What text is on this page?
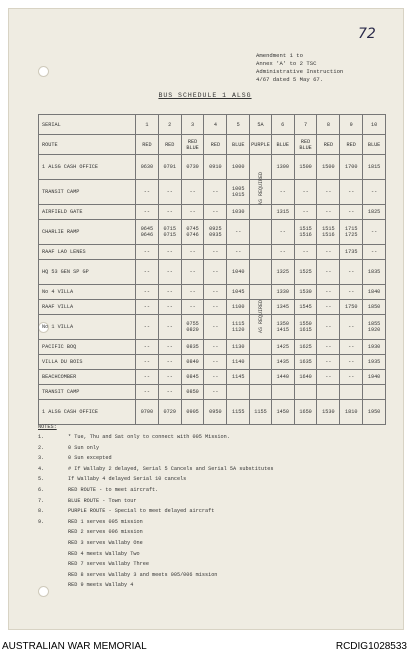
72
Amendment 1 to
Annex 'A' to 2 TSC
Administrative Instruction
4/67 dated 5 May 67.
BUS SCHEDULE 1 ALSG
SERIAL	1	2	3	4	5	5A	6	7	8	9	10
ROUTE	RED	RED	RED BLUE	RED	BLUE	PURPLE	BLUE	RED BLUE	RED	RED	BLUE
1 ALSG CASH OFFICE	0630	0701	0730	0910	1000		1300	1500	1500	1700	1815
TRANSIT CAMP	--	--	--	--	1005 1015		--	--	--	--	--
AIRFIELD GATE	--	--	--	--	1030		1315	--	--	--	1825
CHARLIE RAMP	0645 0646	0715 0715	0745 0746	0925 0935	--		--	1515 1516	1515 1516	1715 1725	--
RAAF LAO LENES	--	--	--	--	--		--	--	--	1735	--
HQ 53 GEN SP GP	--	--	--	--	1040		1325	1525	--	--	1835
No 4 VILLA	--	--	--	--	1045		1330	1530	--	--	1840
RAAF VILLA	--	--	--	--	1100		1345	1545	--	1750	1850
No 1 VILLA	--	--	0755 0820	--	1115 1120		1350 1415	1550 1615	--	--	1855 1920
PACIFIC BOQ	--	--	0835	--	1130		1425	1625	--	--	1930
VILLA DU BOIS	--	--	0840	--	1140		1435	1635	--	--	1935
BEACHCOMBER	--	--	0845	--	1145		1440	1640	--	--	1940
TRANSIT CAMP	--	--	0850	--							
1 ALSG CASH OFFICE	0700	0729	0905	0950	1155	1155	1450	1650	1530	1810	1950
AS REQUIRED
AS REQUIRED
NOTES:
1.	* Tue, Thu and Sat only to connect with 005 Mission.
2.	0 Sun only
3.	0 Sun excepted
4.	# If Wallaby 2 delayed, Serial 5 Cancels and Serial 5A substitutes
5.	If Wallaby 4 delayed Serial 10 cancels
6.	RED ROUTE - to meet aircraft.
7.	BLUE ROUTE - Town tour
8.	PURPLE ROUTE - Special to meet delayed aircraft
9.	RED 1 serves 005 mission
RED 2 serves 006 mission
RED 3 serves Wallaby One
RED 4 meets Wallaby Two
RED 7 serves Wallaby Three
RED 8 serves Wallaby 3 and meets 005/006 mission
RED 9 meets Wallaby 4
AUSTRALIAN WAR MEMORIAL	RCDIG1028533
